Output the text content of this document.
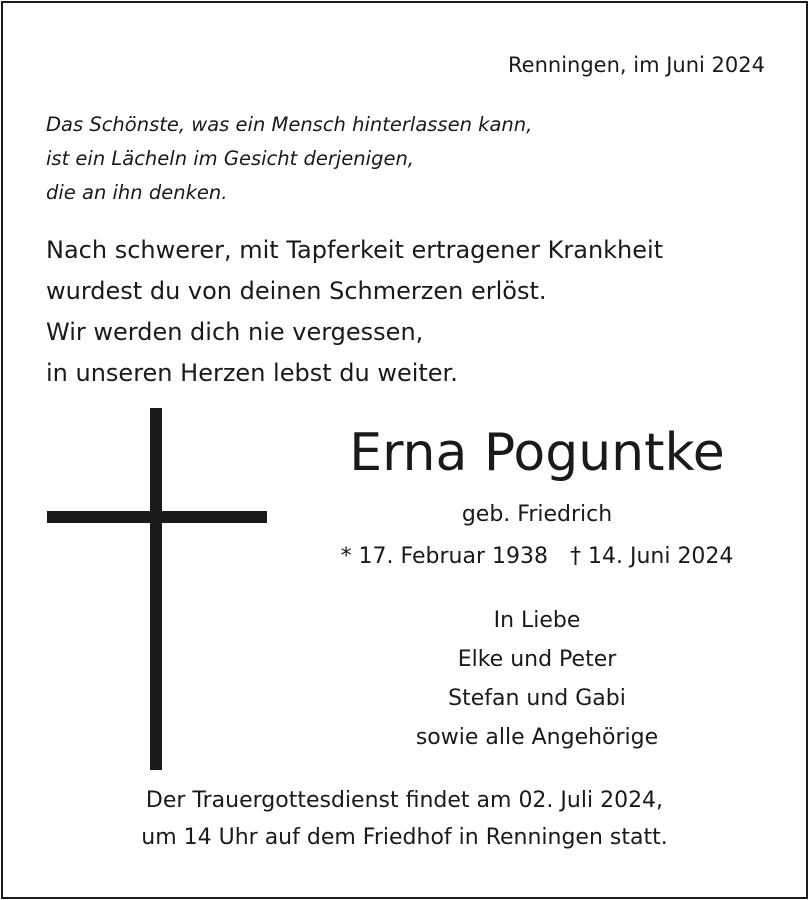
Renningen, im Juni 2024
Das Schönste, was ein Mensch hinterlassen kann,
ist ein Lächeln im Gesicht derjenigen,
die an ihn denken.
Nach schwerer, mit Tapferkeit ertragener Krankheit
wurdest du von deinen Schmerzen erlöst.
Wir werden dich nie vergessen,
in unseren Herzen lebst du weiter.
Erna Poguntke
geb. Friedrich
* 17. Februar 1938 † 14. Juni 2024
In Liebe
Elke und Peter
Stefan und Gabi
sowie alle Angehörige
Der Trauergottesdienst findet am 02. Juli 2024,
um 14 Uhr auf dem Friedhof in Renningen statt.
